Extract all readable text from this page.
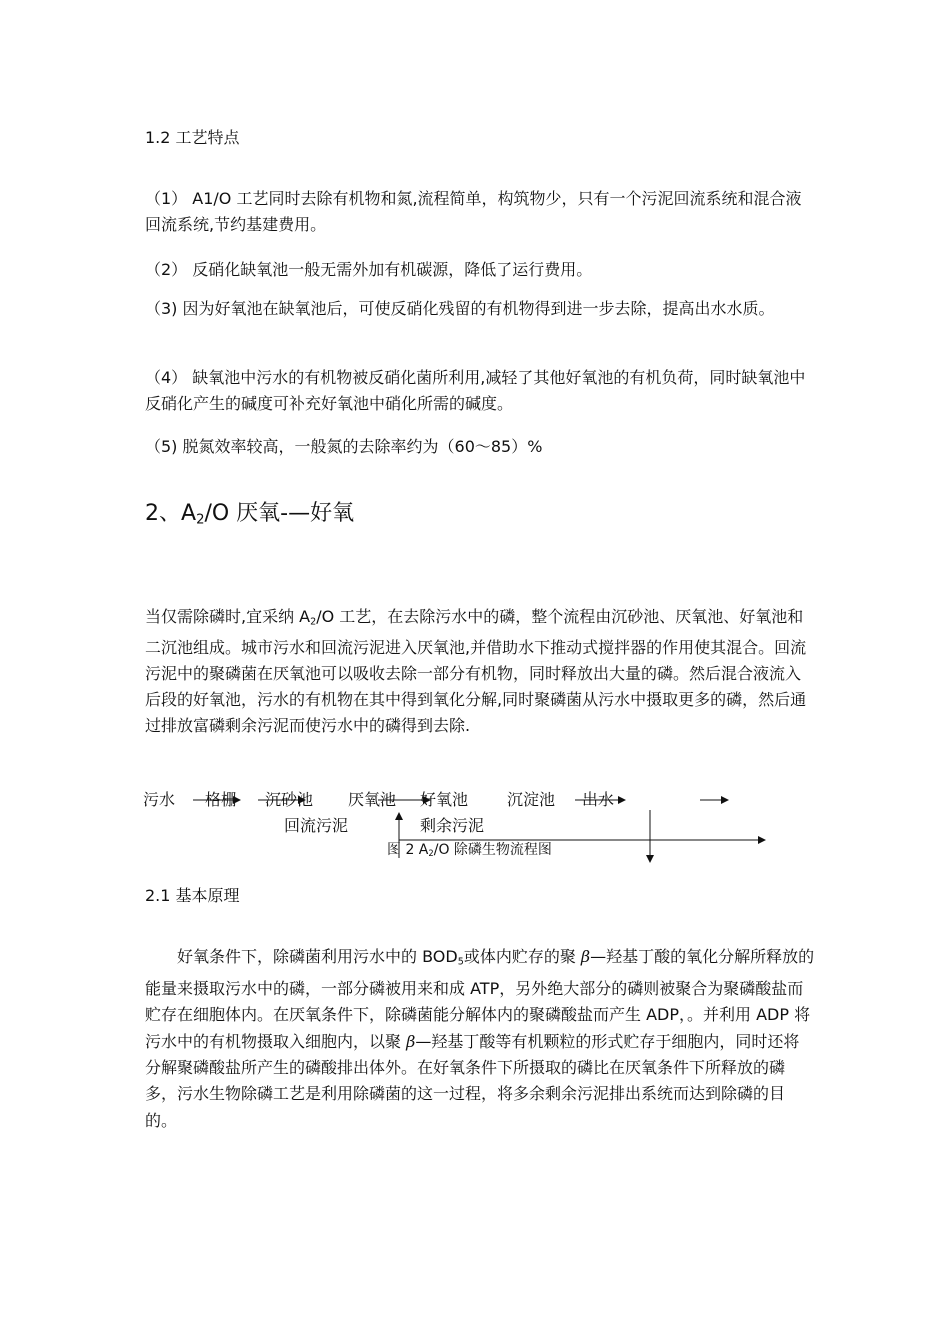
1.2 工艺特点
（1） A1/O 工艺同时去除有机物和氮,流程简单，构筑物少，只有一个污泥回流系统和混合液回流系统,节约基建费用。
（2） 反硝化缺氧池一般无需外加有机碳源，降低了运行费用。
（3) 因为好氧池在缺氧池后，可使反硝化残留的有机物得到进一步去除，提高出水水质。
（4） 缺氧池中污水的有机物被反硝化菌所利用,减轻了其他好氧池的有机负荷，同时缺氧池中反硝化产生的碱度可补充好氧池中硝化所需的碱度。
（5) 脱氮效率较高，一般氮的去除率约为（60～85）%
2、$A_2/O$ 厌氧-—好氧
当仅需除磷时,宜采纳 $A_2/O$ 工艺，在去除污水中的磷，整个流程由沉砂池、厌氧池、好氧池和二沉池组成。城市污水和回流污泥进入厌氧池,并借助水下推动式搅拌器的作用使其混合。回流污泥中的聚磷菌在厌氧池可以吸收去除一部分有机物，同时释放出大量的磷。然后混合液流入后段的好氧池，污水的有机物在其中得到氧化分解,同时聚磷菌从污水中摄取更多的磷，然后通过排放富磷剩余污泥而使污水中的磷得到去除.
污水 格栅 沉砂池 厌氧池 好氧池 沉淀池 出水
回流污泥	剩余污泥
图 2 $A_2/O$ 除磷生物流程图
2.1 基本原理
好氧条件下，除磷菌利用污水中的 $BOD_5$或体内贮存的聚 β—羟基丁酸的氧化分解所释放的能量来摄取污水中的磷，一部分磷被用来和成 ATP，另外绝大部分的磷则被聚合为聚磷酸盐而贮存在细胞体内。在厌氧条件下，除磷菌能分解体内的聚磷酸盐而产生 ADP，。并利用 ADP 将污水中的有机物摄取入细胞内，以聚 β—羟基丁酸等有机颗粒的形式贮存于细胞内，同时还将分解聚磷酸盐所产生的磷酸排出体外。在好氧条件下所摄取的磷比在厌氧条件下所释放的磷多，污水生物除磷工艺是利用除磷菌的这一过程，将多余剩余污泥排出系统而达到除磷的目的。
